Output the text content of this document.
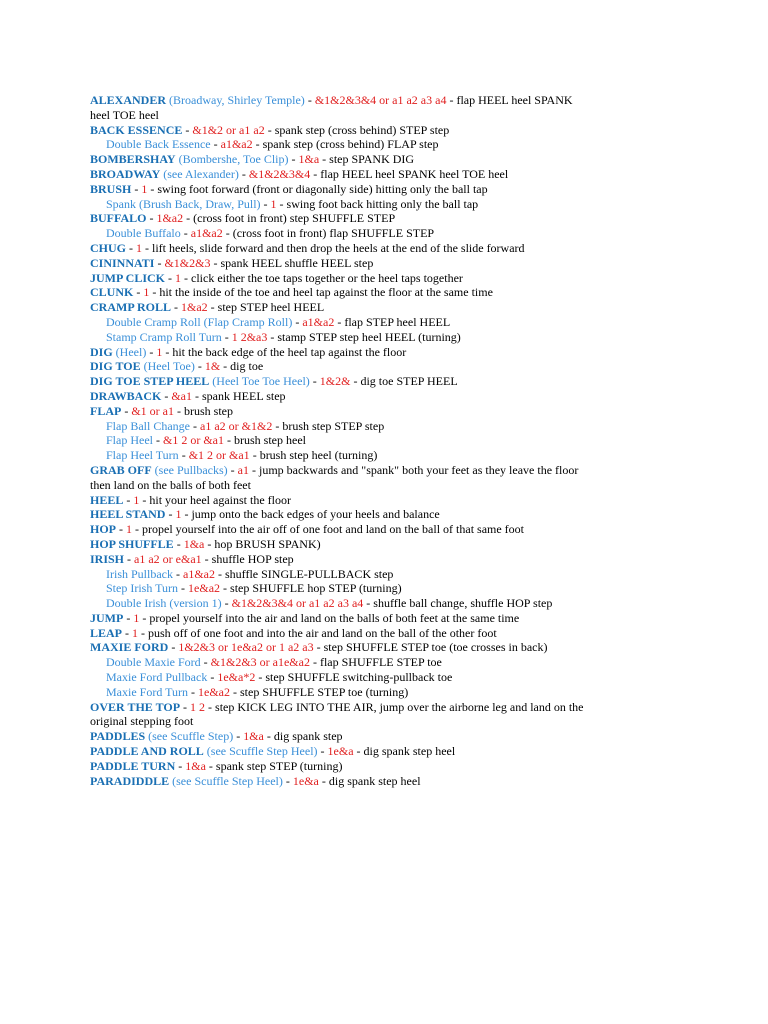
ALEXANDER (Broadway, Shirley Temple) - &1&2&3&4 or a1 a2 a3 a4 - flap HEEL heel SPANK heel TOE heel

BACK ESSENCE - &1&2 or a1 a2 - spank step (cross behind) STEP step

Double Back Essence - a1&a2 - spank step (cross behind) FLAP step

BOMBERSHAY (Bombershe, Toe Clip) - 1&a - step SPANK DIG

BROADWAY (see Alexander) - &1&2&3&4 - flap HEEL heel SPANK heel TOE heel

BRUSH - 1 - swing foot forward (front or diagonally side) hitting only the ball tap

Spank (Brush Back, Draw, Pull) - 1 - swing foot back hitting only the ball tap

BUFFALO - 1&a2 - (cross foot in front) step SHUFFLE STEP

Double Buffalo - a1&a2 - (cross foot in front) flap SHUFFLE STEP

CHUG - 1 - lift heels, slide forward and then drop the heels at the end of the slide forward

CININNATI - &1&2&3 - spank HEEL shuffle HEEL step

JUMP CLICK - 1 - click either the toe taps together or the heel taps together

CLUNK - 1 - hit the inside of the toe and heel tap against the floor at the same time

CRAMP ROLL - 1&a2 - step STEP heel HEEL

Double Cramp Roll (Flap Cramp Roll) - a1&a2 - flap STEP heel HEEL

Stamp Cramp Roll Turn - 1 2&a3 - stamp STEP step heel HEEL (turning)

DIG (Heel) - 1 - hit the back edge of the heel tap against the floor

DIG TOE (Heel Toe) - 1& - dig toe

DIG TOE STEP HEEL (Heel Toe Toe Heel) - 1&2& - dig toe STEP HEEL

DRAWBACK - &a1 - spank HEEL step

FLAP - &1 or a1 - brush step

Flap Ball Change - a1 a2 or &1&2 - brush step STEP step

Flap Heel - &1 2 or &a1 - brush step heel

Flap Heel Turn - &1 2 or &a1 - brush step heel (turning)

GRAB OFF (see Pullbacks) - a1 - jump backwards and "spank" both your feet as they leave the floor then land on the balls of both feet

HEEL - 1 - hit your heel against the floor

HEEL STAND - 1 - jump onto the back edges of your heels and balance

HOP - 1 - propel yourself into the air off of one foot and land on the ball of that same foot

HOP SHUFFLE - 1&a - hop BRUSH SPANK)

IRISH - a1 a2 or e&a1 - shuffle HOP step

Irish Pullback - a1&a2 - shuffle SINGLE-PULLBACK step

Step Irish Turn - 1e&a2 - step SHUFFLE hop STEP (turning)

Double Irish (version 1) - &1&2&3&4 or a1 a2 a3 a4 - shuffle ball change, shuffle HOP step

JUMP - 1 - propel yourself into the air and land on the balls of both feet at the same time

LEAP - 1 - push off of one foot and into the air and land on the ball of the other foot

MAXIE FORD - 1&2&3 or 1e&a2 or 1 a2 a3 - step SHUFFLE STEP toe (toe crosses in back)

Double Maxie Ford - &1&2&3 or a1e&a2 - flap SHUFFLE STEP toe

Maxie Ford Pullback - 1e&a*2 - step SHUFFLE switching-pullback toe

Maxie Ford Turn - 1e&a2 - step SHUFFLE STEP toe (turning)

OVER THE TOP - 1 2 - step KICK LEG INTO THE AIR, jump over the airborne leg and land on the original stepping foot

PADDLES (see Scuffle Step) - 1&a - dig spank step

PADDLE AND ROLL (see Scuffle Step Heel) - 1e&a - dig spank step heel

PADDLE TURN - 1&a - spank step STEP (turning)

PARADIDDLE (see Scuffle Step Heel) - 1e&a - dig spank step heel
